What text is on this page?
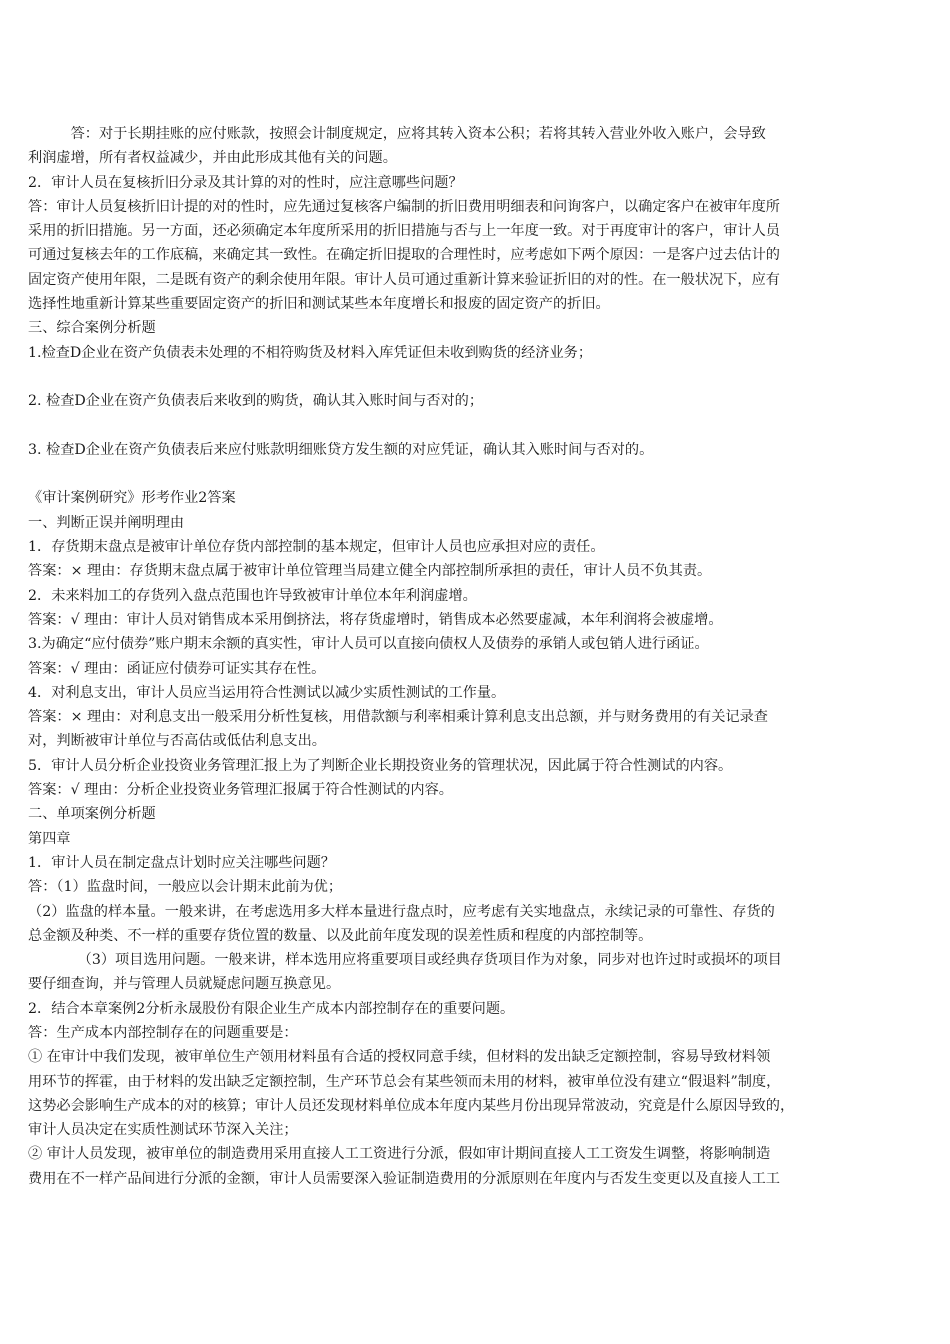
　　　答：对于长期挂账的应付账款，按照会计制度规定，应将其转入资本公积；若将其转入营业外收入账户，会导致

利润虚增，所有者权益减少，并由此形成其他有关的问题。

2．审计人员在复核折旧分录及其计算的对的性时，应注意哪些问题？

答：审计人员复核折旧计提的对的性时，应先通过复核客户编制的折旧费用明细表和问询客户，以确定客户在被审年度所

采用的折旧措施。另一方面，还必须确定本年度所采用的折旧措施与否与上一年度一致。对于再度审计的客户，审计人员

可通过复核去年的工作底稿，来确定其一致性。在确定折旧提取的合理性时，应考虑如下两个原因：一是客户过去估计的

固定资产使用年限，二是既有资产的剩余使用年限。审计人员可通过重新计算来验证折旧的对的性。在一般状况下，应有

选择性地重新计算某些重要固定资产的折旧和测试某些本年度增长和报废的固定资产的折旧。

三、综合案例分析题

1.检查D企业在资产负债表未处理的不相符购货及材料入库凭证但未收到购货的经济业务；

2. 检查D企业在资产负债表后来收到的购货，确认其入账时间与否对的；

3. 检查D企业在资产负债表后来应付账款明细账贷方发生额的对应凭证，确认其入账时间与否对的。

《审计案例研究》形考作业2答案

一、判断正误并阐明理由

1．存货期末盘点是被审计单位存货内部控制的基本规定，但审计人员也应承担对应的责任。

答案：× 理由：存货期末盘点属于被审计单位管理当局建立健全内部控制所承担的责任，审计人员不负其责。

2．未来料加工的存货列入盘点范围也许导致被审计单位本年利润虚增。

答案：√ 理由：审计人员对销售成本采用倒挤法，将存货虚增时，销售成本必然要虚减，本年利润将会被虚增。

3.为确定“应付债券”账户期末余额的真实性，审计人员可以直接向债权人及债券的承销人或包销人进行函证。

答案：√ 理由：函证应付债券可证实其存在性。

4．对利息支出，审计人员应当运用符合性测试以减少实质性测试的工作量。

答案：× 理由：对利息支出一般采用分析性复核，用借款额与利率相乘计算利息支出总额，并与财务费用的有关记录查

对，判断被审计单位与否高估或低估利息支出。

5．审计人员分析企业投资业务管理汇报上为了判断企业长期投资业务的管理状况，因此属于符合性测试的内容。

答案：√ 理由：分析企业投资业务管理汇报属于符合性测试的内容。

二、单项案例分析题

第四章

1．审计人员在制定盘点计划时应关注哪些问题？

答：（1）监盘时间，一般应以会计期末此前为优；

（2）监盘的样本量。一般来讲，在考虑选用多大样本量进行盘点时，应考虑有关实地盘点，永续记录的可靠性、存货的

总金额及种类、不一样的重要存货位置的数量、以及此前年度发现的误差性质和程度的内部控制等。

　　　　（3）项目选用问题。一般来讲，样本选用应将重要项目或经典存货项目作为对象，同步对也许过时或损坏的项目

要仔细查询，并与管理人员就疑虑问题互换意见。

2．结合本章案例2分析永晟股份有限企业生产成本内部控制存在的重要问题。

答：生产成本内部控制存在的问题重要是：

① 在审计中我们发现，被审单位生产领用材料虽有合适的授权同意手续，但材料的发出缺乏定额控制，容易导致材料领

用环节的挥霍，由于材料的发出缺乏定额控制，生产环节总会有某些领而未用的材料，被审单位没有建立“假退料”制度，

这势必会影响生产成本的对的核算；审计人员还发现材料单位成本年度内某些月份出现异常波动，究竟是什么原因导致的，

审计人员决定在实质性测试环节深入关注；

② 审计人员发现，被审单位的制造费用采用直接人工工资进行分派，假如审计期间直接人工工资发生调整，将影响制造

费用在不一样产品间进行分派的金额，审计人员需要深入验证制造费用的分派原则在年度内与否发生变更以及直接人工工
